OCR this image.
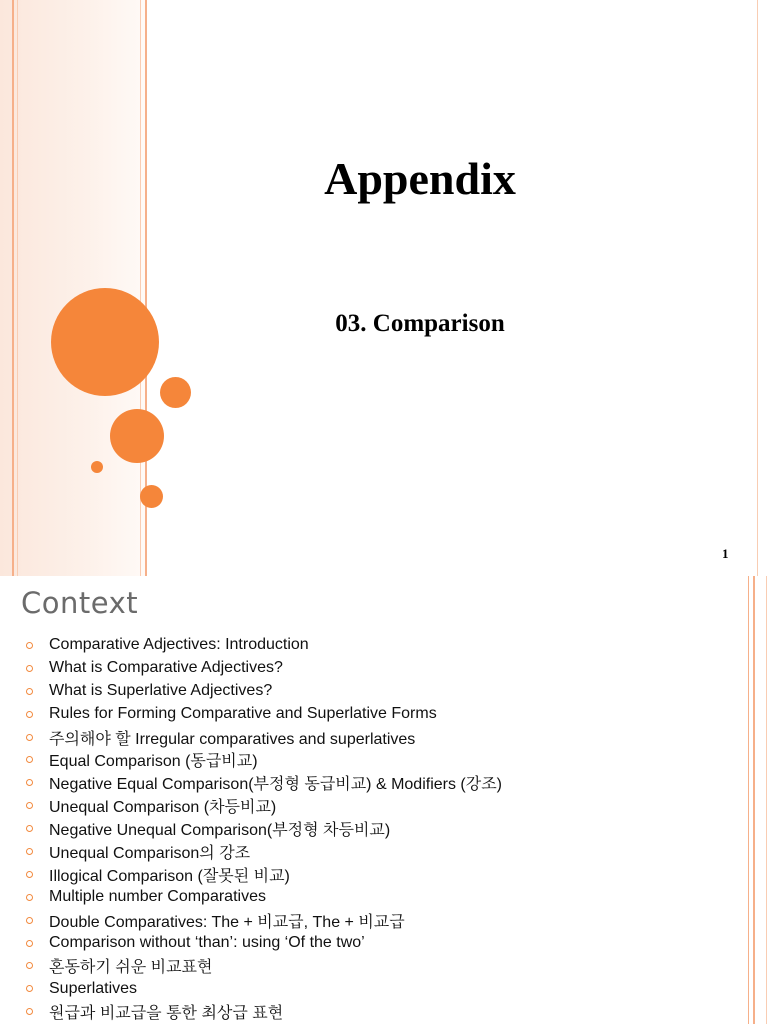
Appendix
03. Comparison
1
Context
Comparative Adjectives: Introduction
What is Comparative Adjectives?
What is Superlative Adjectives?
Rules for Forming Comparative and Superlative Forms
주의해야 할 Irregular comparatives and superlatives
Equal Comparison (동급비교)
Negative Equal Comparison(부정형 동급비교) & Modifiers (강조)
Unequal Comparison (차등비교)
Negative Unequal Comparison(부정형 차등비교)
Unequal Comparison의 강조
Illogical Comparison (잘못된 비교)
Multiple number Comparatives
Double Comparatives: The + 비교급, The + 비교급
Comparison without ‘than’: using ‘Of the two’
혼동하기 쉬운 비교표현
Superlatives
원급과 비교급을 통한 최상급 표현
